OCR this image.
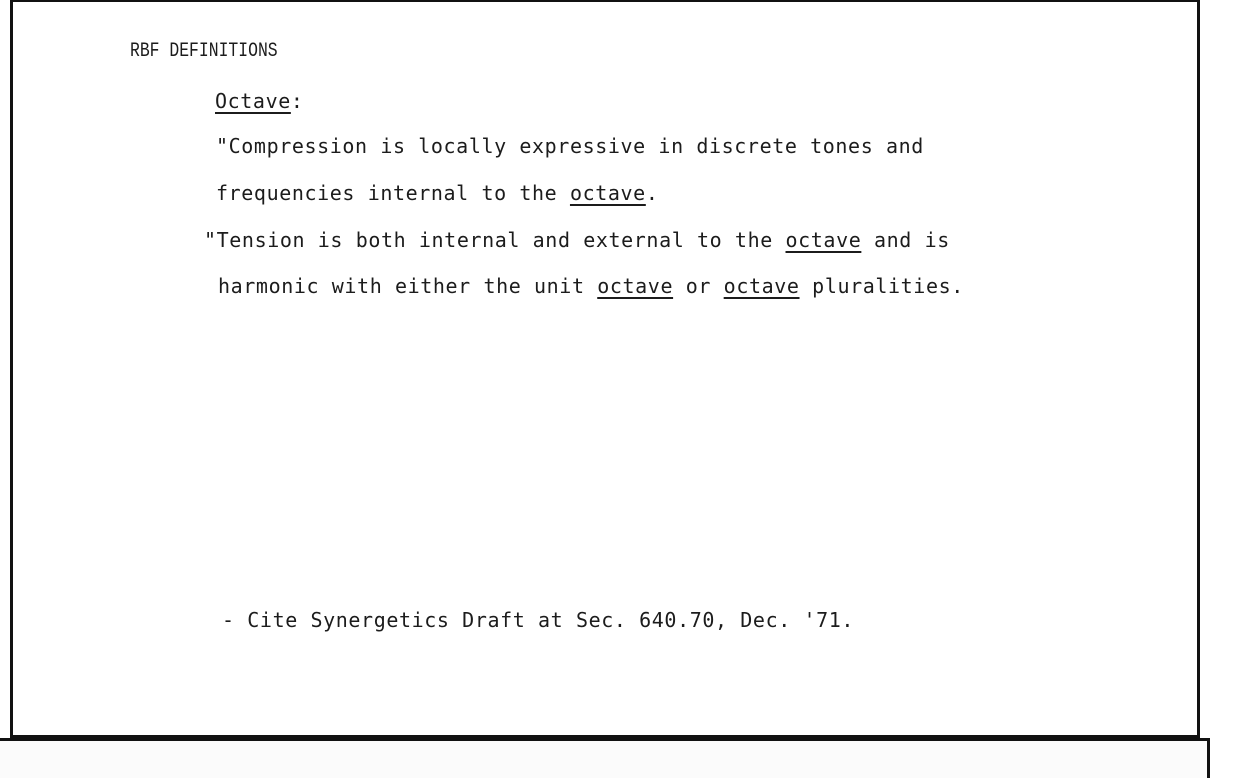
RBF DEFINITIONS
Octave:
"Compression is locally expressive in discrete tones and
frequencies internal to the octave.
"Tension is both internal and external to the octave and is
harmonic with either the unit octave or octave pluralities.
- Cite Synergetics Draft at Sec. 640.70, Dec. '71.
